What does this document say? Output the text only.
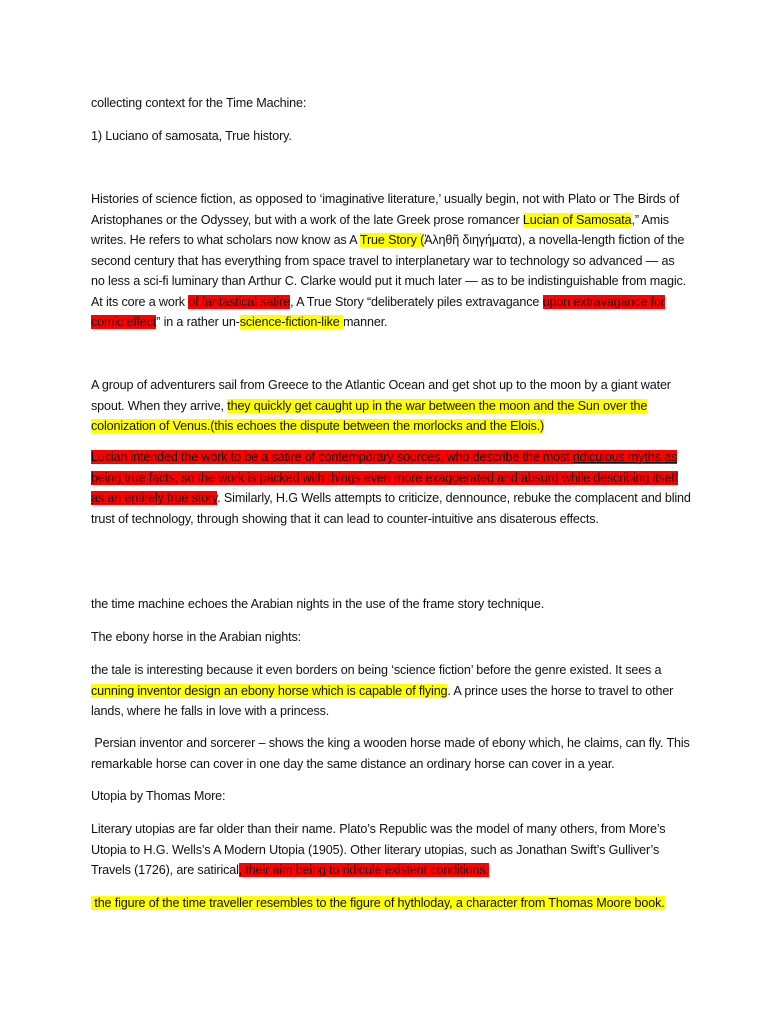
collecting context for the Time Machine:

1) Luciano of samosata, True history.

Histories of science fiction, as opposed to ‘imaginative literature,’ usually begin, not with Plato or The Birds of Aristophanes or the Odyssey, but with a work of the late Greek prose romancer Lucian of Samosata,” Amis writes. He refers to what scholars now know as A True Story (Ἀληθῆ διηγήματα), a novella-length fiction of the second century that has everything from space travel to interplanetary war to technology so advanced — as no less a sci-fi luminary than Arthur C. Clarke would put it much later — as to be indistinguishable from magic. At its core a work of fantastical satire, A True Story “deliberately piles extravagance upon extravagance for comic effect” in a rather un-science-fiction-like manner.

A group of adventurers sail from Greece to the Atlantic Ocean and get shot up to the moon by a giant water spout. When they arrive, they quickly get caught up in the war between the moon and the Sun over the colonization of Venus.(this echoes the dispute between the morlocks and the Elois.)

Lucian intended the work to be a satire of contemporary sources, who describe the most ridiculous myths as being true facts, so the work is packed with things even more exaggerated and absurd while describing itself as an entirely true story. Similarly, H.G Wells attempts to criticize, dennounce, rebuke the complacent and blind trust of technology, through showing that it can lead to counter-intuitive ans disaterous effects.

the time machine echoes the Arabian nights in the use of the frame story technique.

The ebony horse in the Arabian nights:

the tale is interesting because it even borders on being ‘science fiction’ before the genre existed. It sees a cunning inventor design an ebony horse which is capable of flying. A prince uses the horse to travel to other lands, where he falls in love with a princess.

Persian inventor and sorcerer – shows the king a wooden horse made of ebony which, he claims, can fly. This remarkable horse can cover in one day the same distance an ordinary horse can cover in a year.

Utopia by Thomas More:

Literary utopias are far older than their name. Plato’s Republic was the model of many others, from More’s Utopia to H.G. Wells’s A Modern Utopia (1905). Other literary utopias, such as Jonathan Swift’s Gulliver’s Travels (1726), are satirical, their aim being to ridicule existent conditions.

the figure of the time traveller resembles to the figure of hythloday, a character from Thomas Moore book.
